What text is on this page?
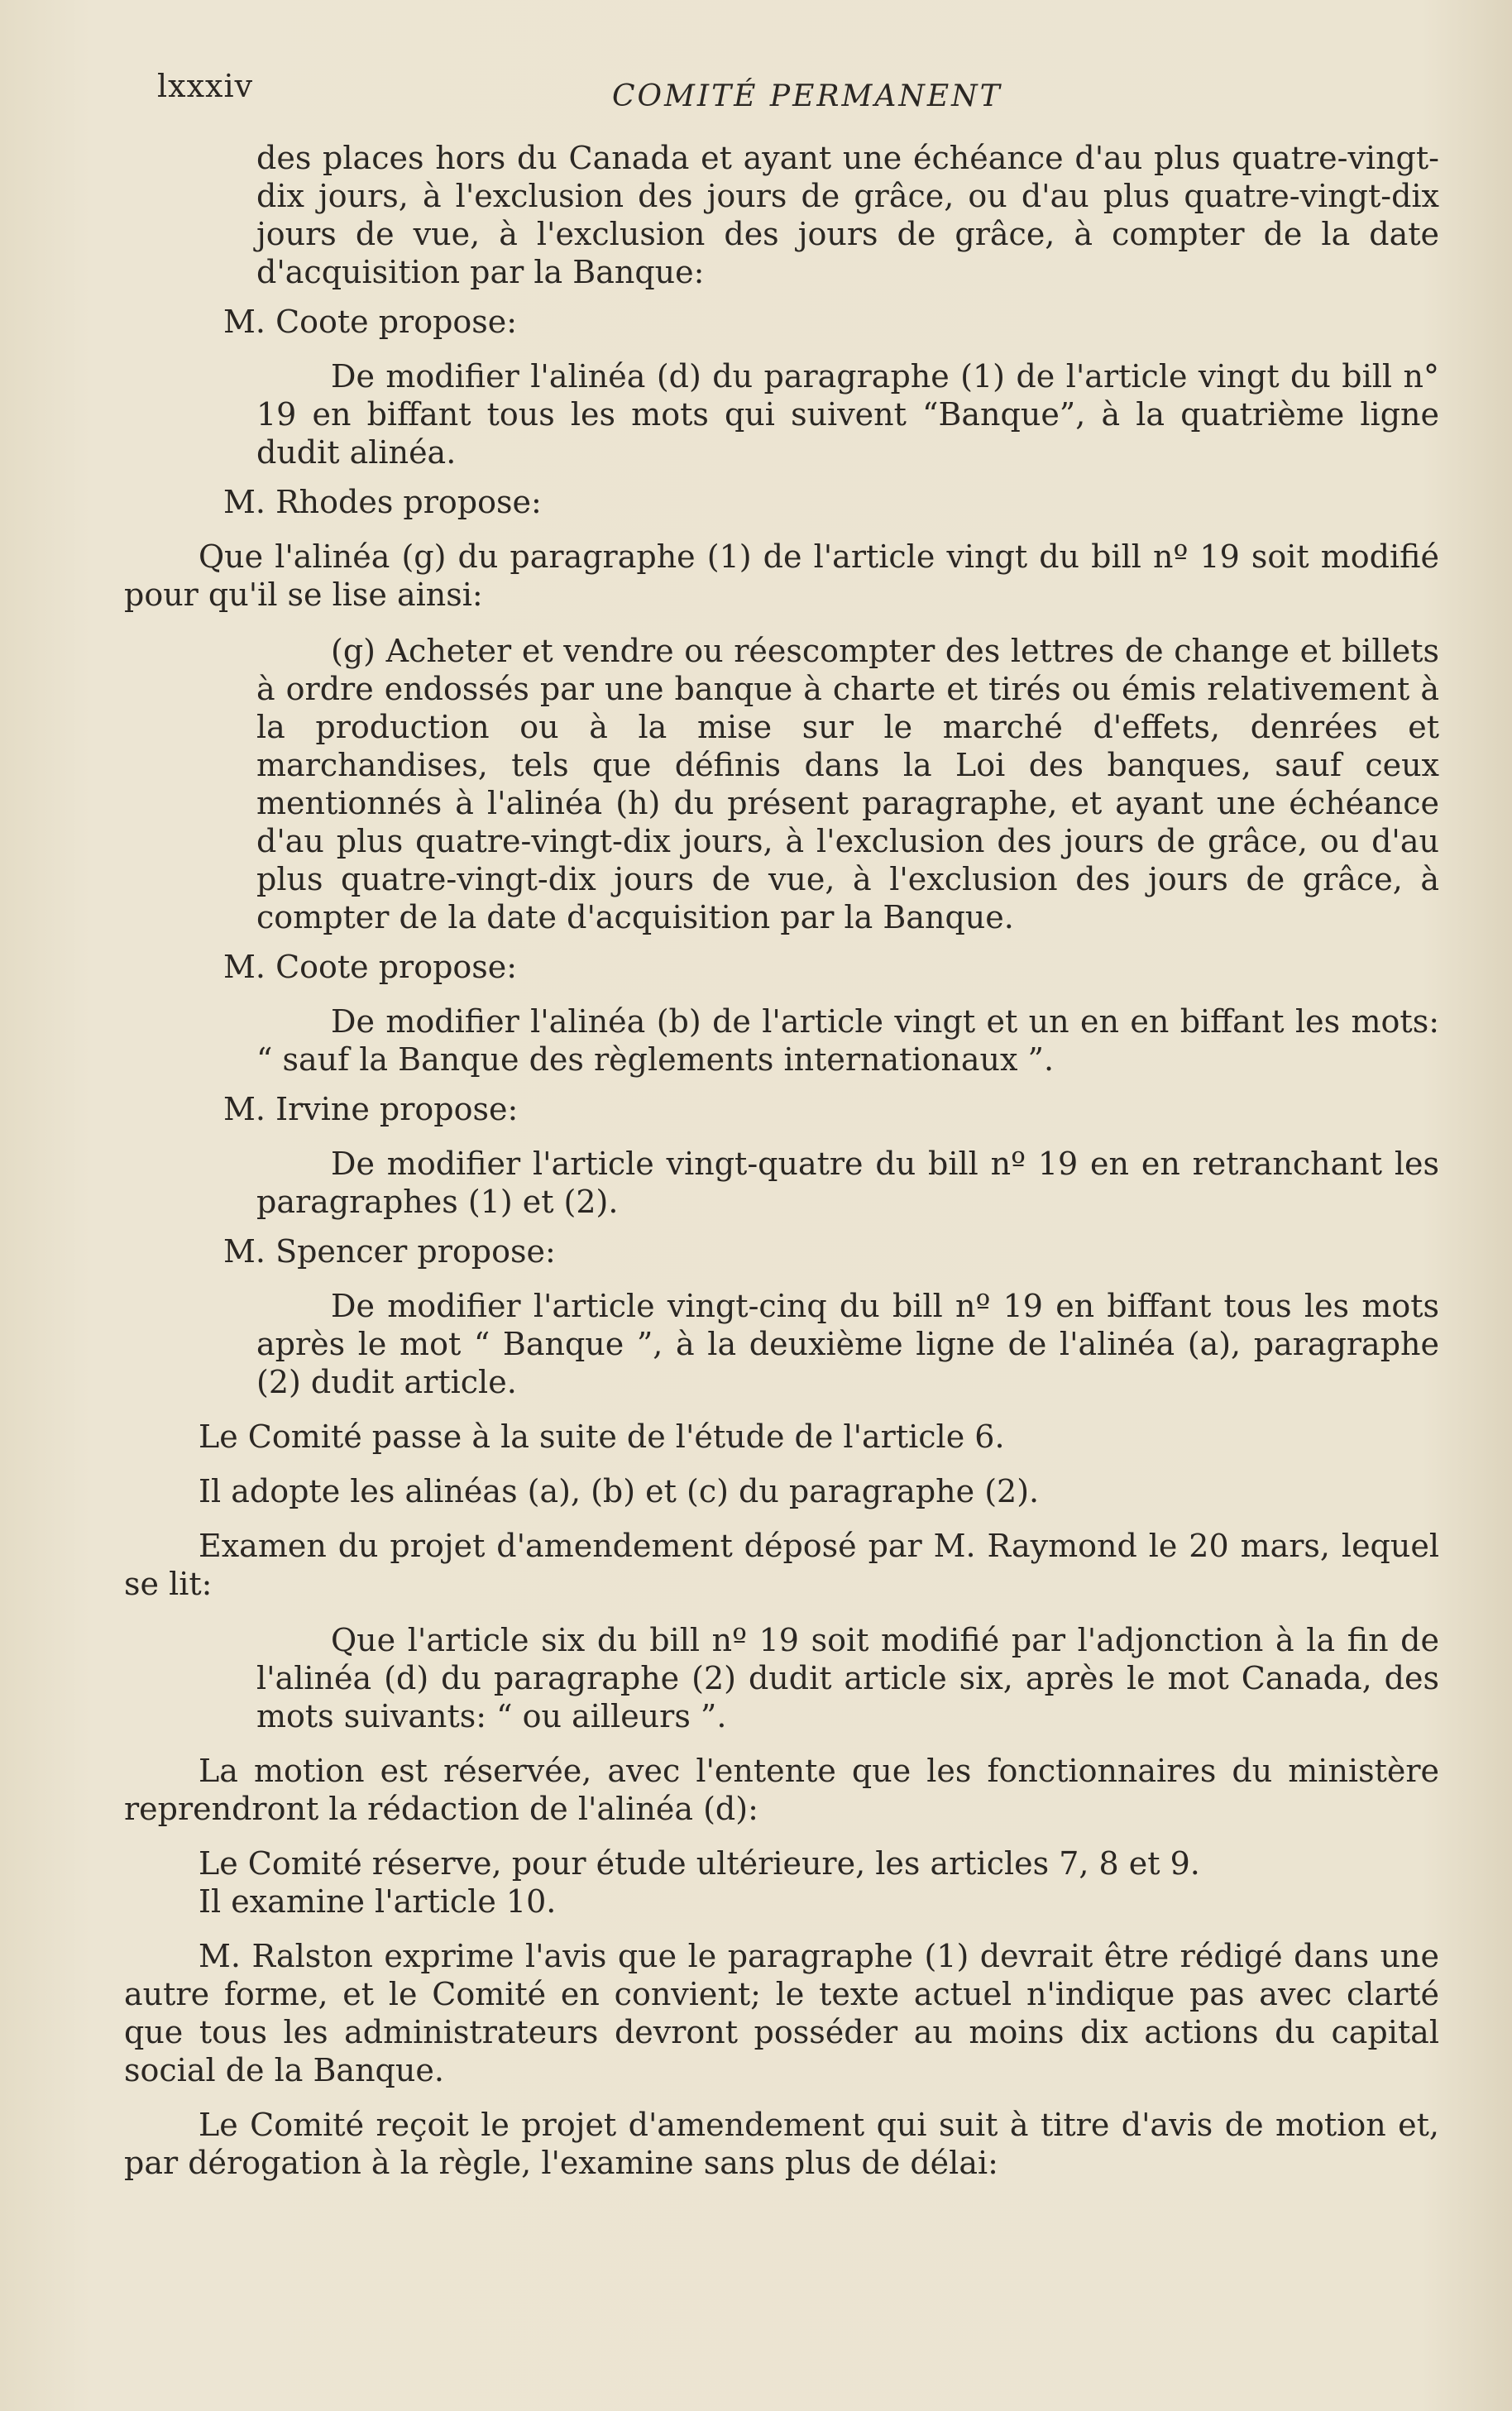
lxxxiv	COMITÉ PERMANENT

des places hors du Canada et ayant une échéance d'au plus quatre-vingt-dix jours, à l'exclusion des jours de grâce, ou d'au plus quatre-vingt-dix jours de vue, à l'exclusion des jours de grâce, à compter de la date d'acquisition par la Banque:

M. Coote propose:

De modifier l'alinéa (d) du paragraphe (1) de l'article vingt du bill n° 19 en biffant tous les mots qui suivent “Banque”, à la quatrième ligne dudit alinéa.

M. Rhodes propose:

Que l'alinéa (g) du paragraphe (1) de l'article vingt du bill nº 19 soit modifié pour qu'il se lise ainsi:

(g) Acheter et vendre ou réescompter des lettres de change et billets à ordre endossés par une banque à charte et tirés ou émis relativement à la production ou à la mise sur le marché d'effets, denrées et marchandises, tels que définis dans la Loi des banques, sauf ceux mentionnés à l'alinéa (h) du présent paragraphe, et ayant une échéance d'au plus quatre-vingt-dix jours, à l'exclusion des jours de grâce, ou d'au plus quatre-vingt-dix jours de vue, à l'exclusion des jours de grâce, à compter de la date d'acquisition par la Banque.

M. Coote propose:

De modifier l'alinéa (b) de l'article vingt et un en en biffant les mots: “ sauf la Banque des règlements internationaux ”.

M. Irvine propose:

De modifier l'article vingt-quatre du bill nº 19 en en retranchant les paragraphes (1) et (2).

M. Spencer propose:

De modifier l'article vingt-cinq du bill nº 19 en biffant tous les mots après le mot “ Banque ”, à la deuxième ligne de l'alinéa (a), paragraphe (2) dudit article.

Le Comité passe à la suite de l'étude de l'article 6.

Il adopte les alinéas (a), (b) et (c) du paragraphe (2).

Examen du projet d'amendement déposé par M. Raymond le 20 mars, lequel se lit:

Que l'article six du bill nº 19 soit modifié par l'adjonction à la fin de l'alinéa (d) du paragraphe (2) dudit article six, après le mot Canada, des mots suivants: “ ou ailleurs ”.

La motion est réservée, avec l'entente que les fonctionnaires du ministère reprendront la rédaction de l'alinéa (d):

Le Comité réserve, pour étude ultérieure, les articles 7, 8 et 9.

Il examine l'article 10.

M. Ralston exprime l'avis que le paragraphe (1) devrait être rédigé dans une autre forme, et le Comité en convient; le texte actuel n'indique pas avec clarté que tous les administrateurs devront posséder au moins dix actions du capital social de la Banque.

Le Comité reçoit le projet d'amendement qui suit à titre d'avis de motion et, par dérogation à la règle, l'examine sans plus de délai:
